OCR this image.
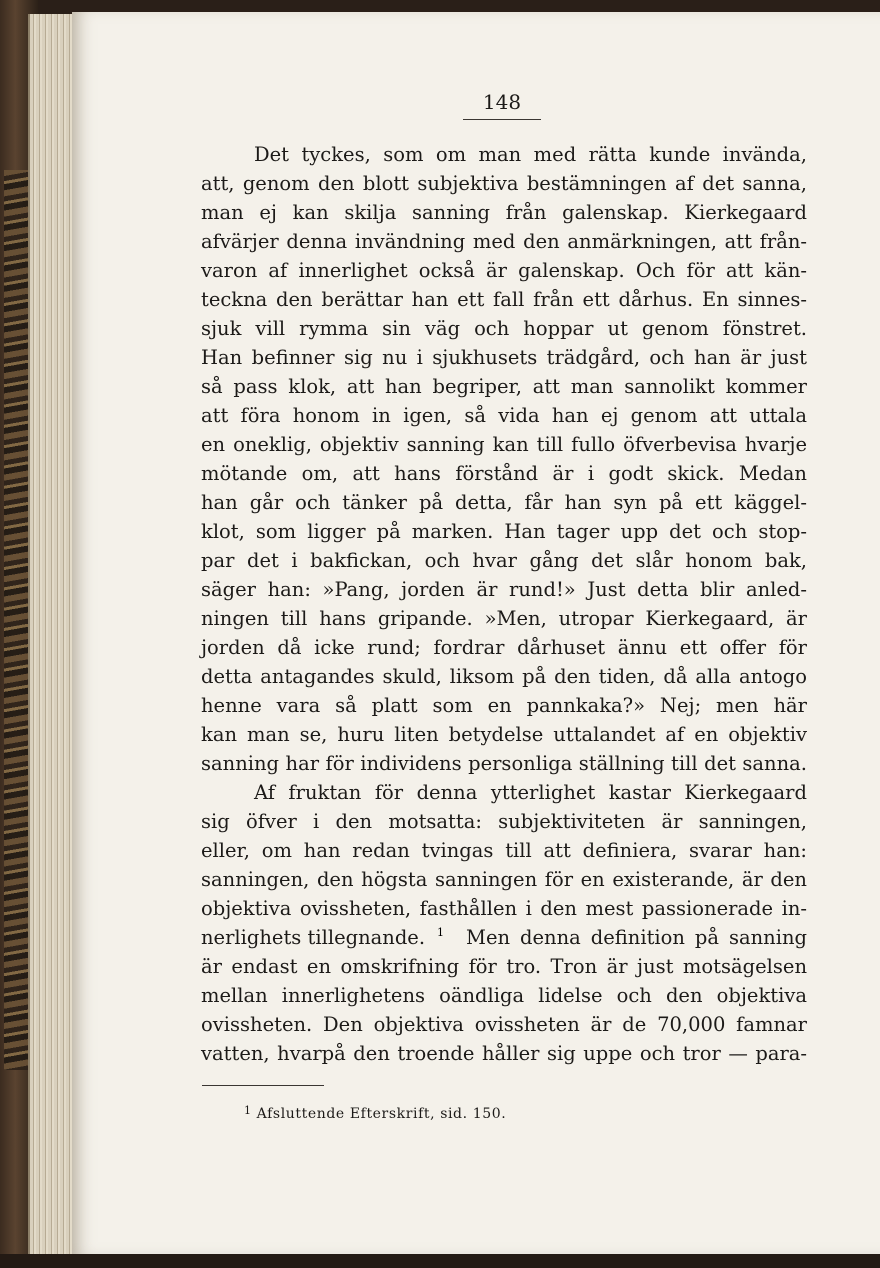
148
Det tyckes, som om man med rätta kunde invända,
att, genom den blott subjektiva bestämningen af det sanna,
man ej kan skilja sanning från galenskap. Kierkegaard
afvärjer denna invändning med den anmärkningen, att från-
varon af innerlighet också är galenskap. Och för att kän-
teckna den berättar han ett fall från ett dårhus. En sinnes-
sjuk vill rymma sin väg och hoppar ut genom fönstret.
Han befinner sig nu i sjukhusets trädgård, och han är just
så pass klok, att han begriper, att man sannolikt kommer
att föra honom in igen, så vida han ej genom att uttala
en oneklig, objektiv sanning kan till fullo öfverbevisa hvarje
mötande om, att hans förstånd är i godt skick. Medan
han går och tänker på detta, får han syn på ett käggel-
klot, som ligger på marken. Han tager upp det och stop-
par det i bakfickan, och hvar gång det slår honom bak,
säger han: »Pang, jorden är rund!» Just detta blir anled-
ningen till hans gripande. »Men, utropar Kierkegaard, är
jorden då icke rund; fordrar dårhuset ännu ett offer för
detta antagandes skuld, liksom på den tiden, då alla antogo
henne vara så platt som en pannkaka?» Nej; men här
kan man se, huru liten betydelse uttalandet af en objektiv
sanning har för individens personliga ställning till det sanna.
Af fruktan för denna ytterlighet kastar Kierkegaard
sig öfver i den motsatta: subjektiviteten är sanningen,
eller, om han redan tvingas till att definiera, svarar han:
sanningen, den högsta sanningen för en existerande, är den
objektiva ovissheten, fasthållen i den mest passionerade in-
nerlighets tillegnande.	1 Men denna definition på sanning
är endast en omskrifning för tro. Tron är just motsägelsen
mellan innerlighetens oändliga lidelse och den objektiva
ovissheten. Den objektiva ovissheten är de 70,000 famnar
vatten, hvarpå den troende håller sig uppe och tror — para-
$^1$ Afsluttende Efterskrift, sid. 150.
